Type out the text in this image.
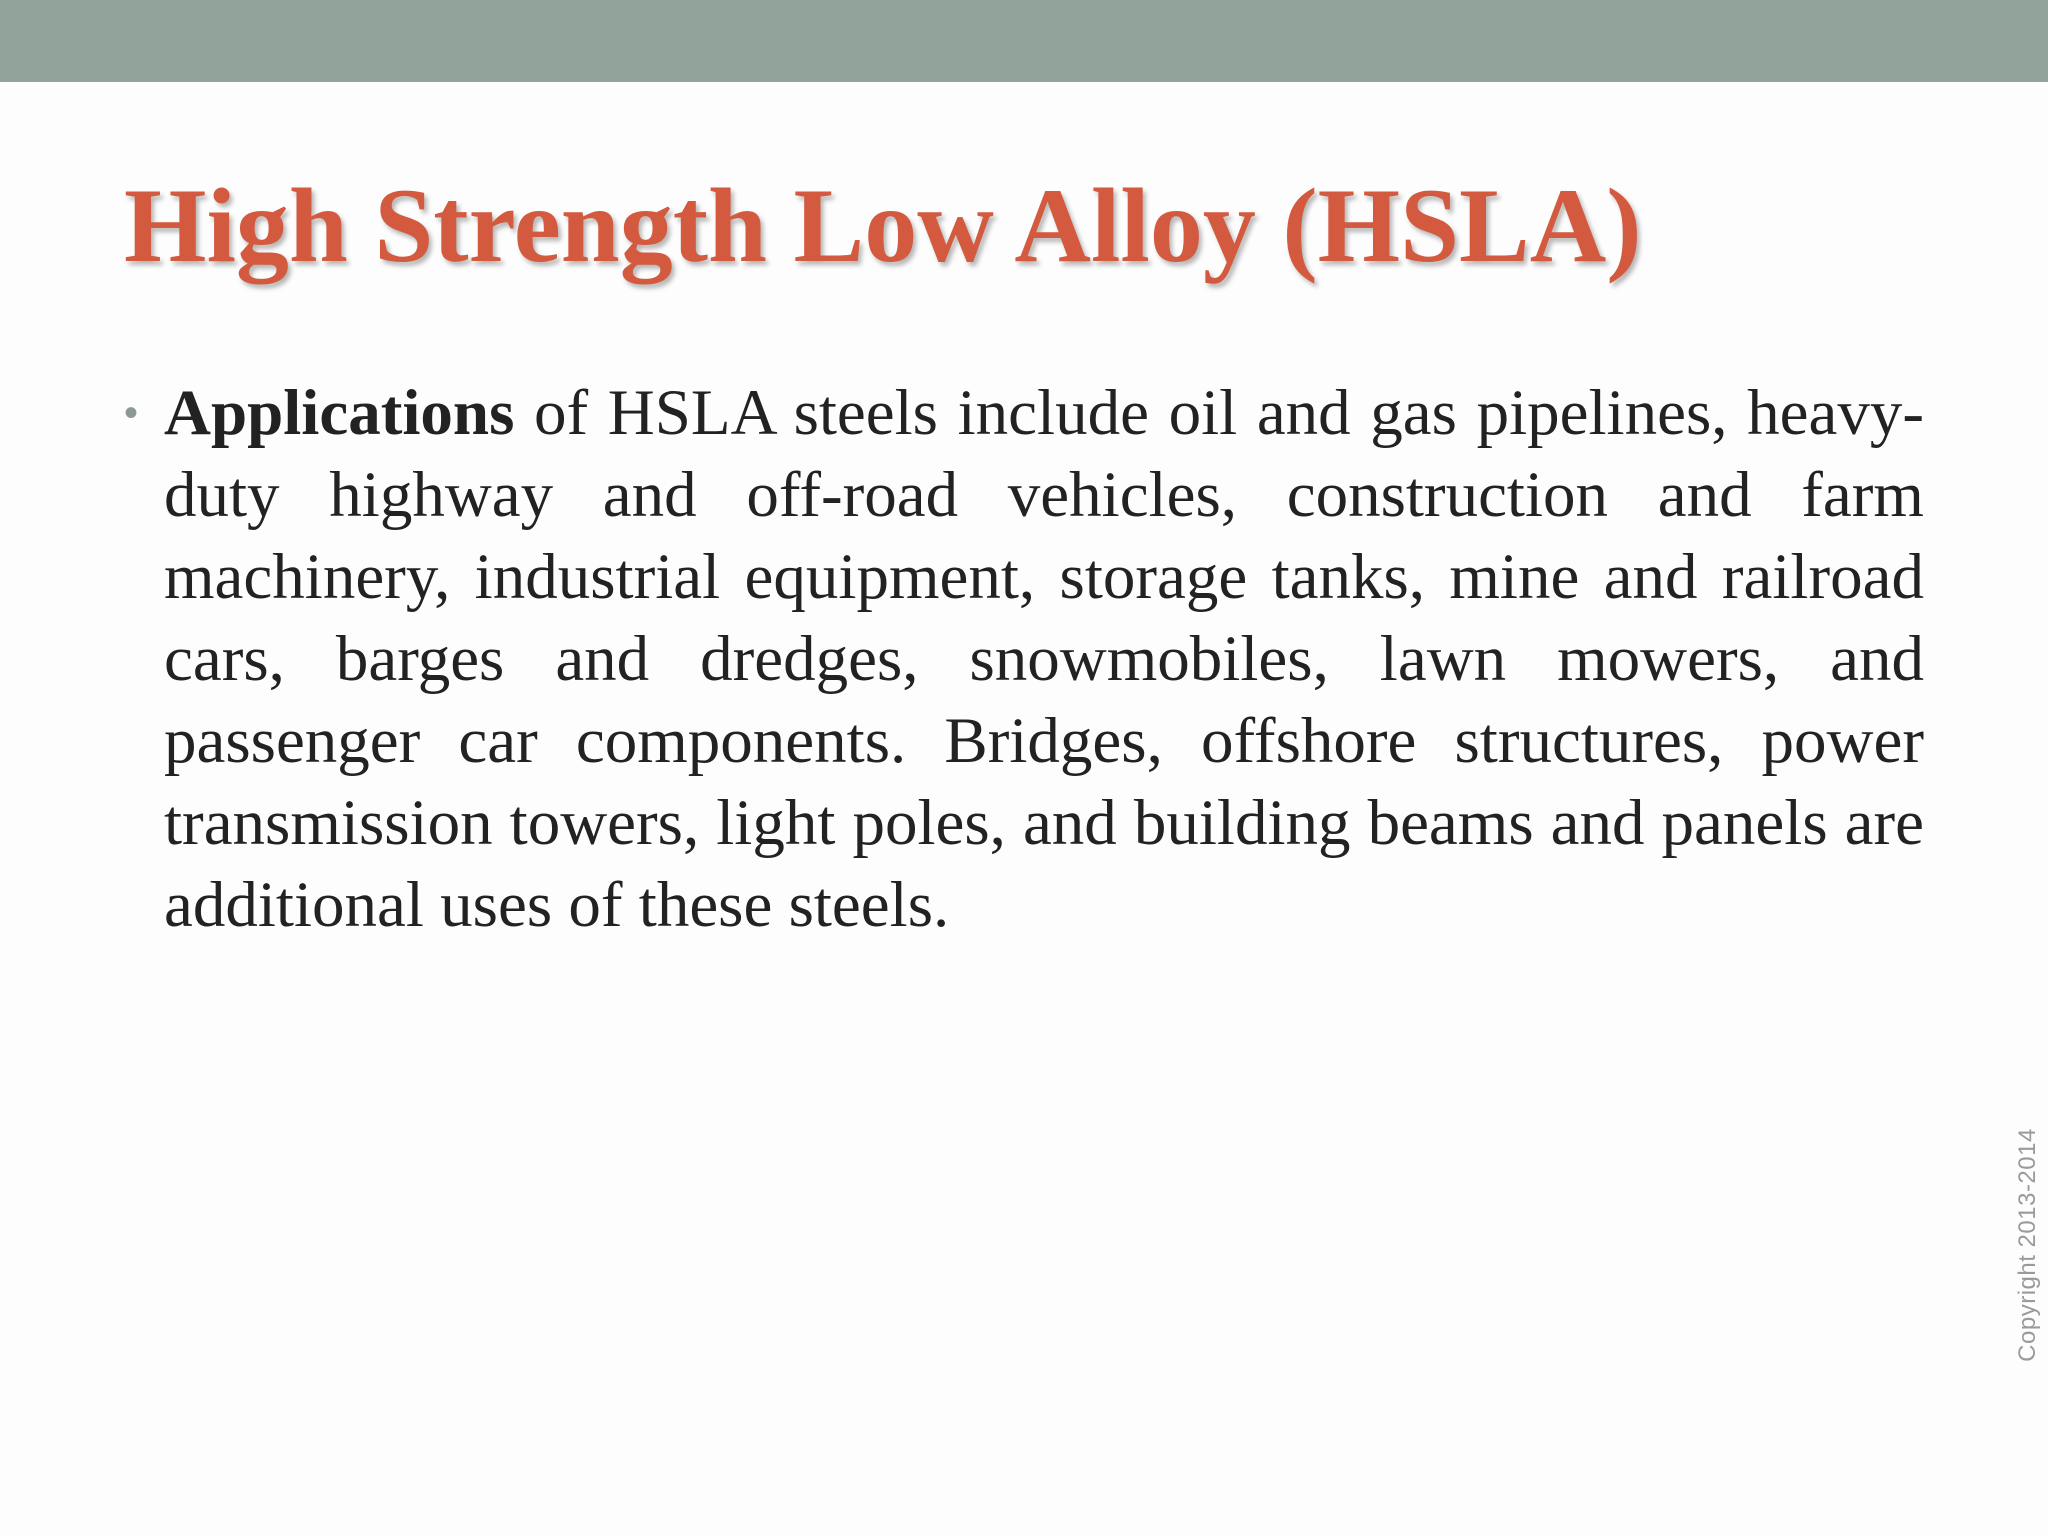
High Strength Low Alloy (HSLA)
• Applications of HSLA steels include oil and gas pipelines, heavy-duty highway and off-road vehicles, construction and farm machinery, industrial equipment, storage tanks, mine and railroad cars, barges and dredges, snowmobiles, lawn mowers, and passenger car components. Bridges, offshore structures, power transmission towers, light poles, and building beams and panels are additional uses of these steels.

Copyright 2013-2014
